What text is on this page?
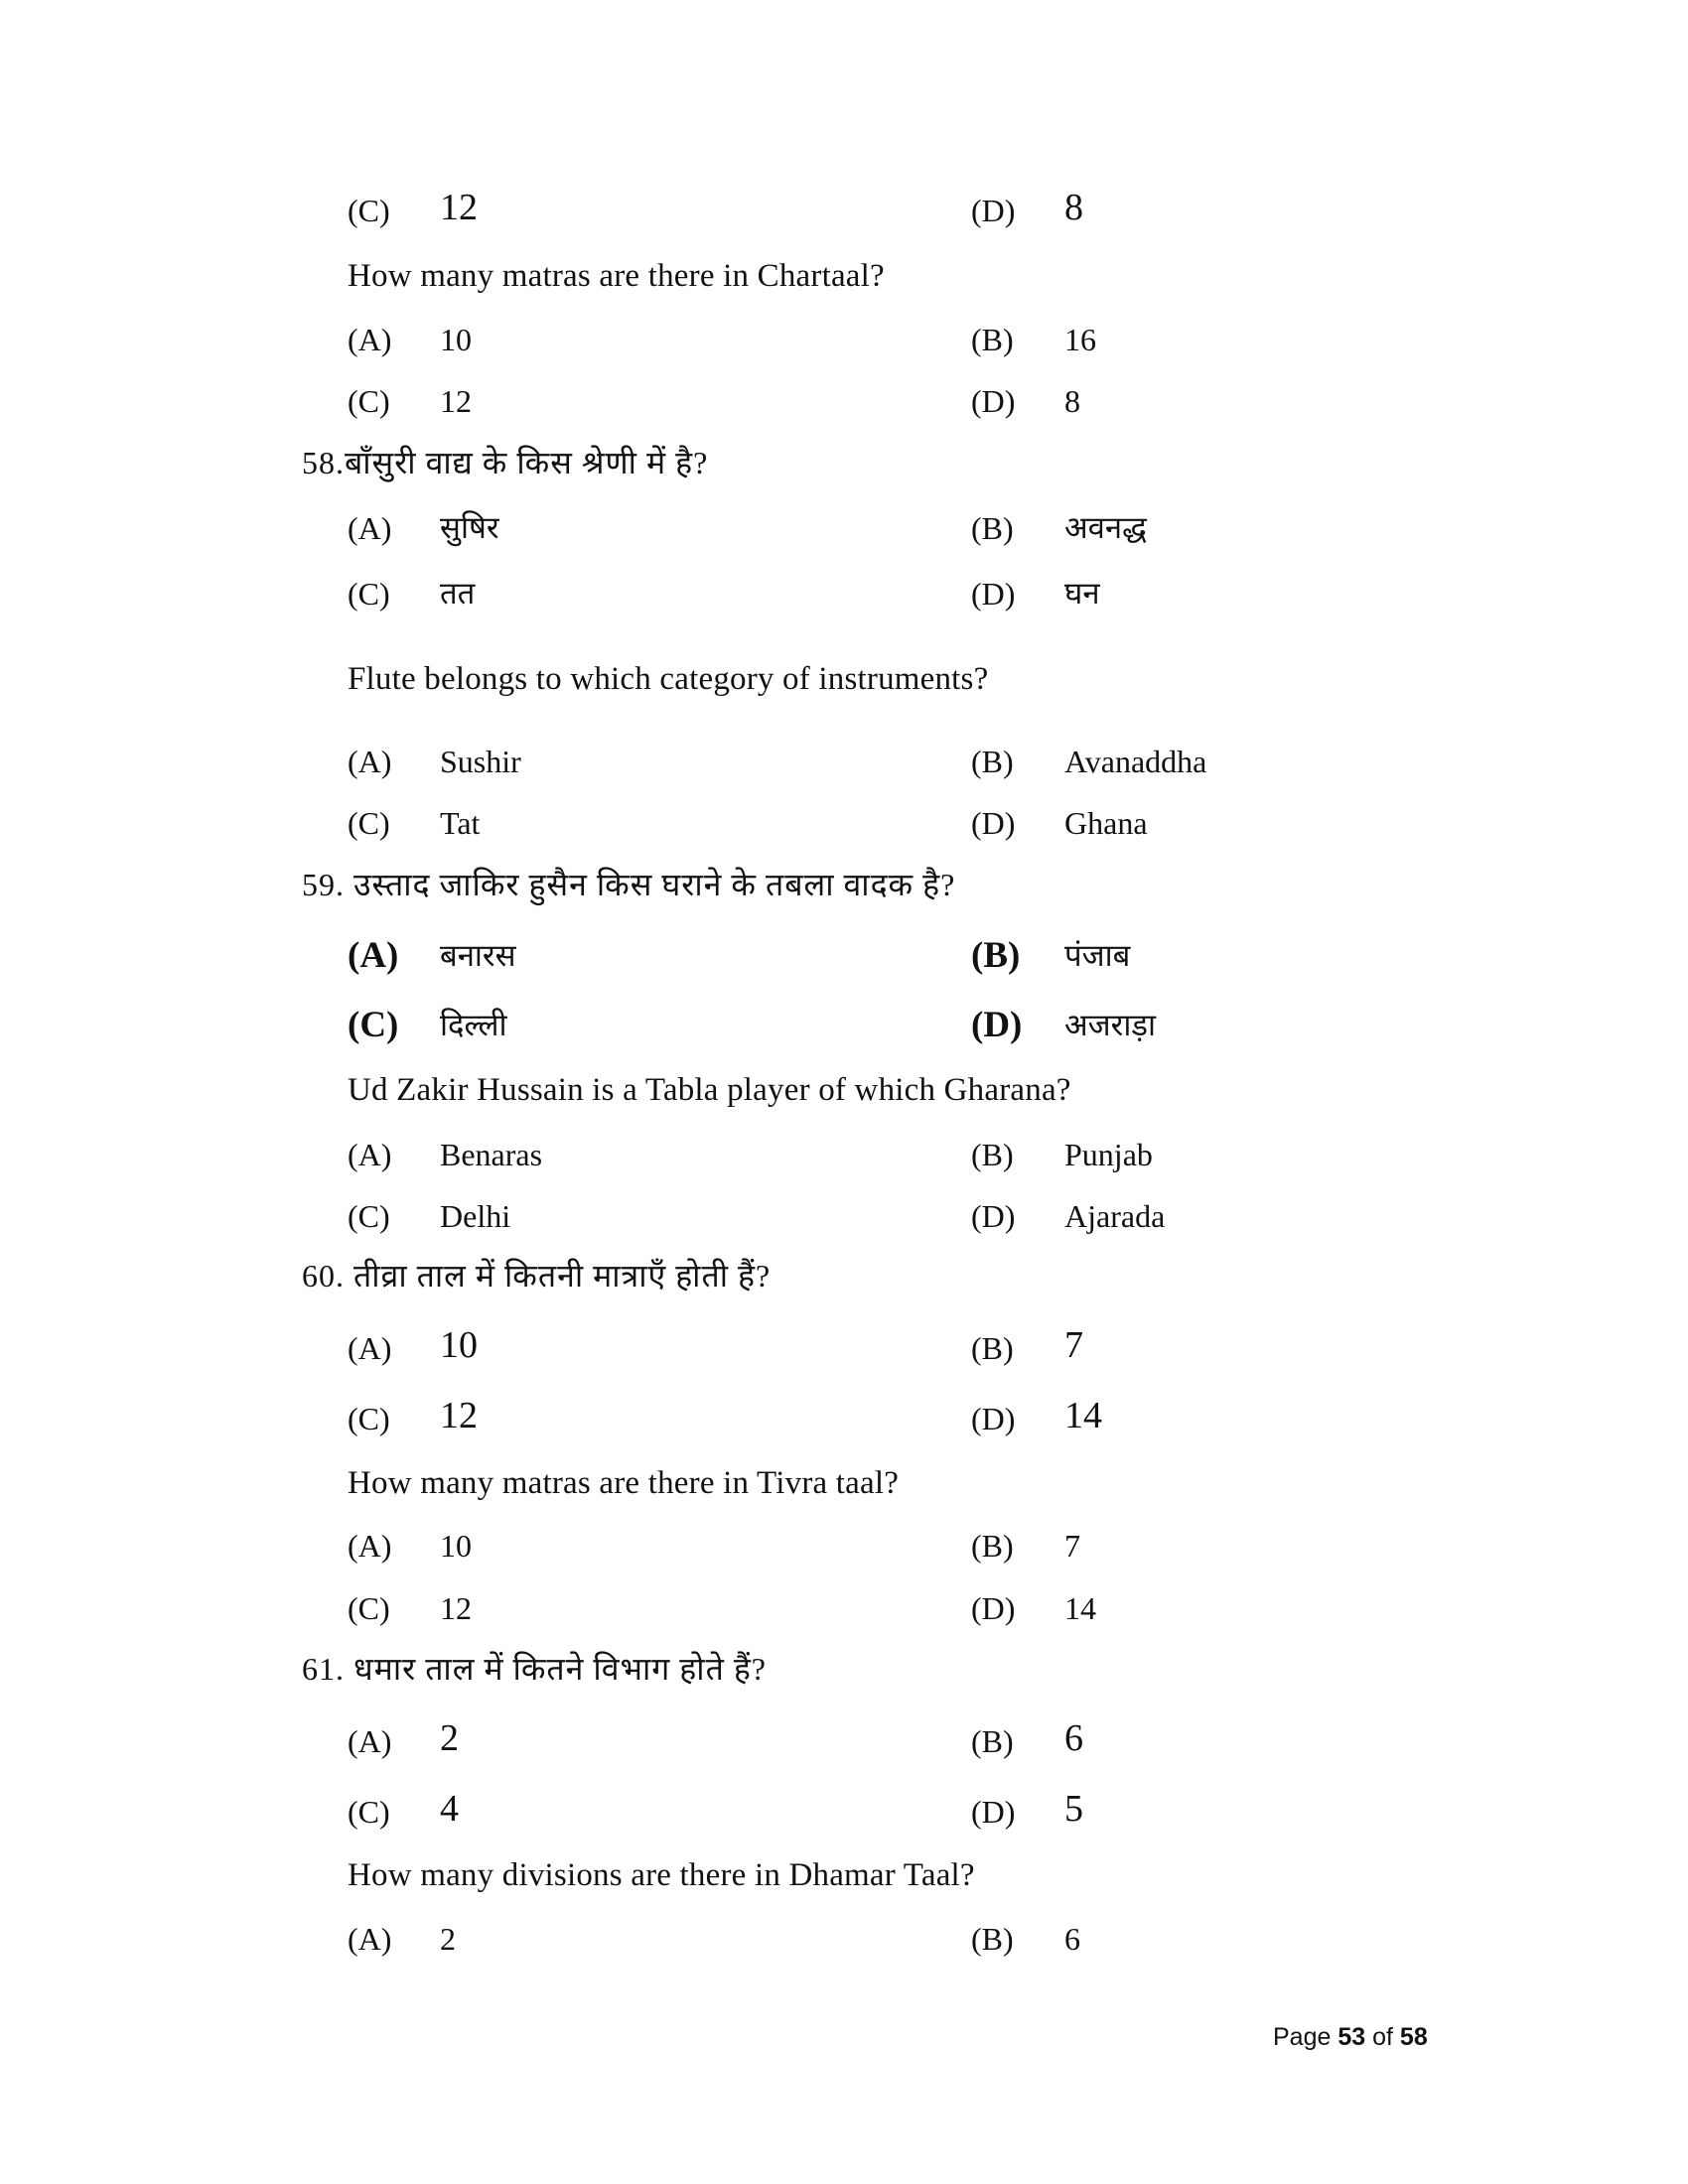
(C) 12	(D) 8
How many matras are there in Chartaal?
(A) 10	(B) 16
(C) 12	(D) 8
58.बाँसुरी वाद्य के किस श्रेणी में है?
(A) सुषिर	(B) अवनद्ध
(C) तत	(D) घन
Flute belongs to which category of instruments?
(A) Sushir	(B) Avanaddha
(C) Tat	(D) Ghana
59. उस्ताद जाकिर हुसैन किस घराने के तबला वादक है?
(A) बनारस	(B) पंजाब
(C) दिल्ली	(D) अजराड़ा
Ud Zakir Hussain is a Tabla player of which Gharana?
(A) Benaras	(B) Punjab
(C) Delhi	(D) Ajarada
60. तीव्रा ताल में कितनी मात्राएँ होती हैं?
(A) 10	(B) 7
(C) 12	(D) 14
How many matras are there in Tivra taal?
(A) 10	(B) 7
(C) 12	(D) 14
61. धमार ताल में कितने विभाग होते हैं?
(A) 2	(B) 6
(C) 4	(D) 5
How many divisions are there in Dhamar Taal?
(A) 2	(B) 6
Page 53 of 58
